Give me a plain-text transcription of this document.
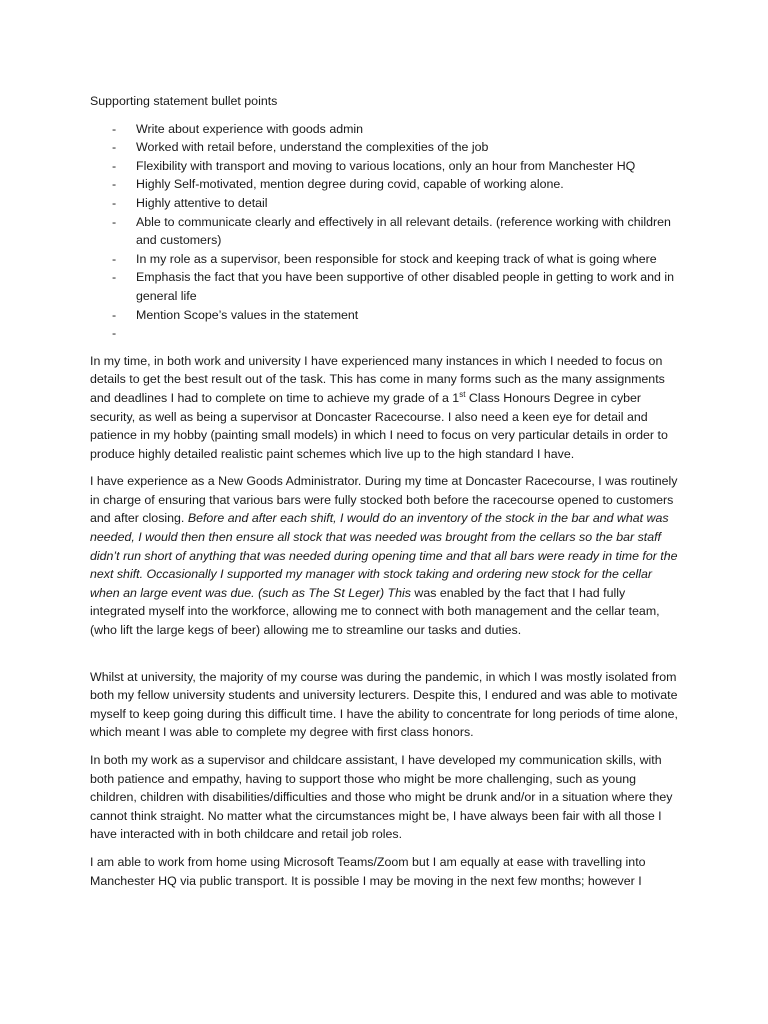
Supporting statement bullet points

- Write about experience with goods admin
- Worked with retail before, understand the complexities of the job
- Flexibility with transport and moving to various locations, only an hour from Manchester HQ
- Highly Self-motivated, mention degree during covid, capable of working alone.
- Highly attentive to detail
- Able to communicate clearly and effectively in all relevant details. (reference working with children and customers)
- In my role as a supervisor, been responsible for stock and keeping track of what is going where
- Emphasis the fact that you have been supportive of other disabled people in getting to work and in general life
- Mention Scope’s values in the statement
-

In my time, in both work and university I have experienced many instances in which I needed to focus on details to get the best result out of the task. This has come in many forms such as the many assignments and deadlines I had to complete on time to achieve my grade of a 1st Class Honours Degree in cyber security, as well as being a supervisor at Doncaster Racecourse. I also need a keen eye for detail and patience in my hobby (painting small models) in which I need to focus on very particular details in order to produce highly detailed realistic paint schemes which live up to the high standard I have.

I have experience as a New Goods Administrator. During my time at Doncaster Racecourse, I was routinely in charge of ensuring that various bars were fully stocked both before the racecourse opened to customers and after closing. Before and after each shift, I would do an inventory of the stock in the bar and what was needed, I would then then ensure all stock that was needed was brought from the cellars so the bar staff didn’t run short of anything that was needed during opening time and that all bars were ready in time for the next shift. Occasionally I supported my manager with stock taking and ordering new stock for the cellar when an large event was due. (such as The St Leger) This was enabled by the fact that I had fully integrated myself into the workforce, allowing me to connect with both management and the cellar team,(who lift the large kegs of beer) allowing me to streamline our tasks and duties.

Whilst at university, the majority of my course was during the pandemic, in which I was mostly isolated from both my fellow university students and university lecturers. Despite this, I endured and was able to motivate myself to keep going during this difficult time. I have the ability to concentrate for long periods of time alone, which meant I was able to complete my degree with first class honors.

In both my work as a supervisor and childcare assistant, I have developed my communication skills, with both patience and empathy, having to support those who might be more challenging, such as young children, children with disabilities/difficulties and those who might be drunk and/or in a situation where they cannot think straight. No matter what the circumstances might be, I have always been fair with all those I have interacted with in both childcare and retail job roles.

I am able to work from home using Microsoft Teams/Zoom but I am equally at ease with travelling into Manchester HQ via public transport. It is possible I may be moving in the next few months; however I
